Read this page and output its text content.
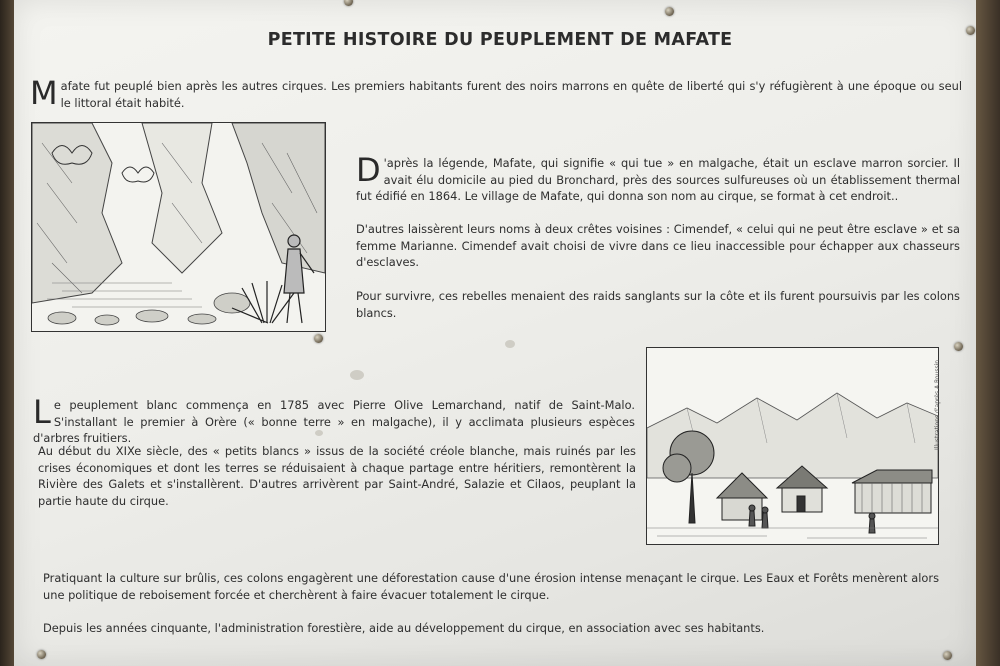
PETITE HISTOIRE DU PEUPLEMENT DE MAFATE
M afate fut peuplé bien après les autres cirques. Les premiers habitants furent des noirs marrons en quête de liberté qui s'y réfugièrent à une époque ou seul le littoral était habité.
D 'après la légende, Mafate, qui signifie « qui tue » en malgache, était un esclave marron sorcier. Il avait élu domicile au pied du Bronchard, près des sources sulfureuses où un établissement thermal fut édifié en 1864. Le village de Mafate, qui donna son nom au cirque, se format à cet endroit..
D'autres laissèrent leurs noms à deux crêtes voisines : Cimendef, « celui qui ne peut être esclave » et sa femme Marianne. Cimendef avait choisi de vivre dans ce lieu inaccessible pour échapper aux chasseurs d'esclaves.
Pour survivre, ces rebelles menaient des raids sanglants sur la côte et ils furent poursuivis par les colons blancs.
Illustrations d'après A.Roussin
L e peuplement blanc commença en 1785 avec Pierre Olive Lemarchand, natif de Saint-Malo. S'installant le premier à Orère (« bonne terre » en malgache), il y acclimata plusieurs espèces d'arbres fruitiers.
Au début du XIXe siècle, des « petits blancs » issus de la société créole blanche, mais ruinés par les crises économiques et dont les terres se réduisaient à chaque partage entre héritiers, remontèrent la Rivière des Galets et s'installèrent. D'autres arrivèrent par Saint-André, Salazie et Cilaos, peuplant la partie haute du cirque.
Pratiquant la culture sur brûlis, ces colons engagèrent une déforestation cause d'une érosion intense menaçant le cirque. Les Eaux et Forêts menèrent alors une politique de reboisement forcée et cherchèrent à faire évacuer totalement le cirque.
Depuis les années cinquante, l'administration forestière, aide au développement du cirque, en association avec ses habitants.
